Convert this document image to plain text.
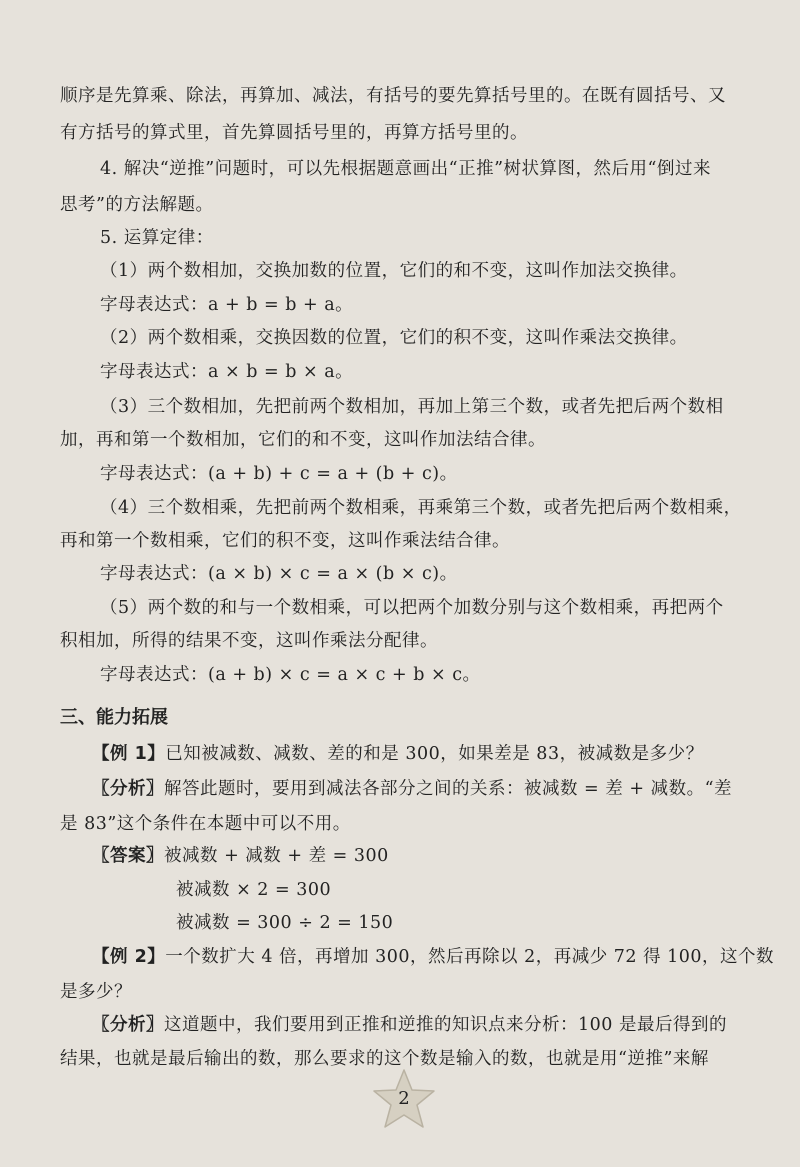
顺序是先算乘、除法，再算加、减法，有括号的要先算括号里的。在既有圆括号、又
有方括号的算式里，首先算圆括号里的，再算方括号里的。
4. 解决“逆推”问题时，可以先根据题意画出“正推”树状算图，然后用“倒过来
思考”的方法解题。
5. 运算定律：
（1）两个数相加，交换加数的位置，它们的和不变，这叫作加法交换律。
字母表达式：a + b = b + a。
（2）两个数相乘，交换因数的位置，它们的积不变，这叫作乘法交换律。
字母表达式：a × b = b × a。
（3）三个数相加，先把前两个数相加，再加上第三个数，或者先把后两个数相
加，再和第一个数相加，它们的和不变，这叫作加法结合律。
字母表达式：(a + b) + c = a + (b + c)。
（4）三个数相乘，先把前两个数相乘，再乘第三个数，或者先把后两个数相乘，
再和第一个数相乘，它们的积不变，这叫作乘法结合律。
字母表达式：(a × b) × c = a × (b × c)。
（5）两个数的和与一个数相乘，可以把两个加数分别与这个数相乘，再把两个
积相加，所得的结果不变，这叫作乘法分配律。
字母表达式：(a + b) × c = a × c + b × c。
三、能力拓展
【例 1】已知被减数、减数、差的和是 300，如果差是 83，被减数是多少？
〖分析〗解答此题时，要用到减法各部分之间的关系：被减数 = 差 + 减数。“差
是 83”这个条件在本题中可以不用。
〖答案〗被减数 + 减数 + 差 = 300
被减数 × 2 = 300
被减数 = 300 ÷ 2 = 150
【例 2】一个数扩大 4 倍，再增加 300，然后再除以 2，再减少 72 得 100，这个数
是多少？
〖分析〗这道题中，我们要用到正推和逆推的知识点来分析：100 是最后得到的
结果，也就是最后输出的数，那么要求的这个数是输入的数，也就是用“逆推”来解
2
